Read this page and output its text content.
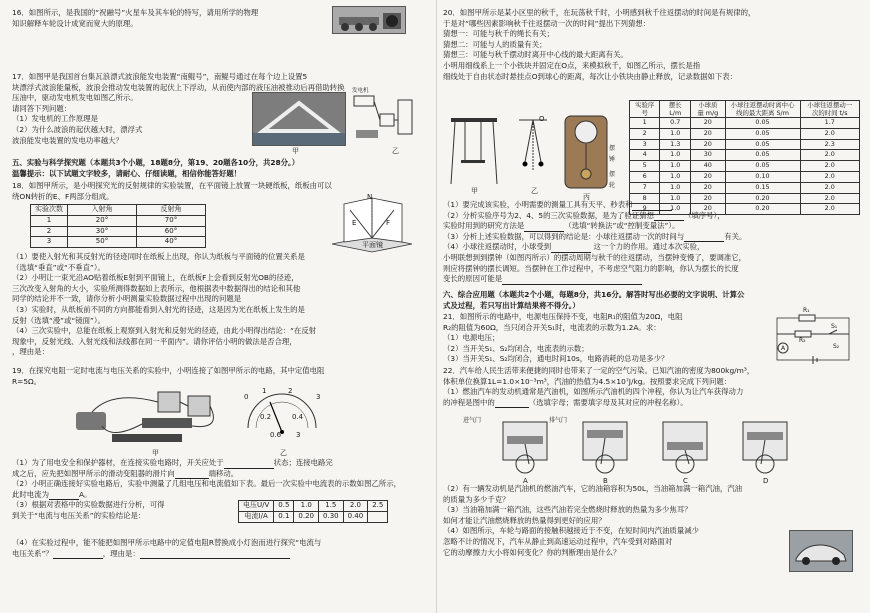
16．如图所示，是我国的“祝融号”火星车及其车轮的特写，请用所学的物理
知识解释车轮设计成宽而宽大的原理。
17．如图甲是我国首台集瓦浪漂式波浪能发电装置“南鲲号”，南鲲号通过在每个边上设置5
块漂浮式波浪能量板，波浪会推动发电装置的起伏上下浮动，从而使内部的液压油被推动后再借助转换
压油中，驱动发电机发电如图乙所示。
请同答下列问题：
（1）发电机的工作原理是
（2）为什么波浪的起伏越大时，漂浮式
波浪能发电装置的发电功率越大？
甲	乙
发电机
五、实验与科学探究题（本题共3个小题，18题8分，第19、20题各10分，共28分。）
温馨提示：以下试题文字较多，请耐心、仔细读题，相信你能答好题！
18．如图甲所示，是小明探究光的反射规律的实验装置，在平面镜上放置一块硬纸板，纸板由可以
绕ON转折的E、F两部分组成。
实验次数	入射角	反射角
1	20°	70°
2	30°	60°
3	50°	40°
N
E	F
平面镜
（1）要使入射光和其反射光的径迹同时在纸板上出现，你认为纸板与平面镜的位置关系是
（选填“垂直”或“不垂直”）。
（2）小明让一束光沿AO贴着纸板E射到平面镜上，在纸板F上会看到反射光OB的径迹，
三次改变入射角的大小，实验所测得数据如上表所示，他根据表中数据得出的结论和其他
同学的结论并不一致，请你分析小明测量实验数据过程中出现的问题是
（3）实验时，从纸板前不同的方向都能看到入射光的径迹，这是因为光在纸板上发生的是
反射（选填“漫”或“镜面”）。
（4）三次实验中，总能在纸板上观察到入射光和反射光的径迹，由此小明得出结论：“在反射
现象中，反射光线、入射光线和法线都在同一平面内”。请你评估小明的做法是否合理，
，理由是：
19．在探究电阻一定时电流与电压关系的实验中，小明连接了如图甲所示的电路，其中定值电阻
R=5Ω。
甲
0
1	2
3
0.2	0.4
0.6 3
乙
（1）为了用电安全和保护器材，在连接实验电路时，开关应处于	状态；连接电路完
成之后，应先把如图甲所示的滑动变阻器的滑片向	端移动。
（2）小明正确连接好实验电路后，实验中测量了几组电压和电流值如下表。最后一次实验中电流表的示数如图乙所示，
此时电流为	A。
（3）根据对表格中的实验数据进行分析，可得
到关于“电流与电压关系”的实验结论是：
电压U/V	0.5	1.0	1.5	2.0	2.5
电流I/A	0.1	0.20	0.30	0.40	
（4）在实验过程中，能不能把如图甲所示电路中的定值电阻R替换成小灯泡而进行探究“电流与
电压关系”？	，理由是：
20．如图甲所示是某小区里的秋千，在玩荡秋千时，小明感到秋千往返摆动的时间是有规律的，
于是对“哪些因素影响秋千往返摆动一次的时间”提出下列猜想：
猜想一：可能与秋千的绳长有关；
猜想二：可能与人的质量有关；
猜想三：可能与秋千摆动时离开中心线的最大距离有关。
小明用细线系上一个小铁块并固定在O点，来模拟秋千，如图乙所示，摆长是指
细线处于自由状态时悬挂点O到球心的距离，每次让小铁块由静止释放，记录数据如下表：
甲	乙
丙
O
摆锤
摆轮
实验序号	摆长 L/m	小球质量 m/g	小球往返摆动时离中心线的最大距离 S/m	小球往返摆动一次的时间 t/s
1	0.7	20	0.05	1.7
2	1.0	20	0.05	2.0
3	1.3	20	0.05	2.3
4	1.0	30	0.05	2.0
5	1.0	40	0.05	2.0
6	1.0	20	0.10	2.0
7	1.0	20	0.15	2.0
8	1.0	20	0.20	2.0
9	1.0	20	0.20	2.0
（1）要完成该实验，小明需要的测量工具有天平、秒表和
（2）分析实验序号为2、4、5的三次实验数据，是为了验证猜想	（填序号），
实验时用到的研究方法是	（选填“转换法”或“控制变量法”）。
（3）分析上述实验数据，可以得到的结论是：小球往返摆动一次的时间与	有关。
（4）小球往返摆动时，小球受到	这一个力的作用。通过本次实验，
小明联想到到摆钟（如图丙所示）的摆动周期与秋千的往返摆动，当摆钟变慢了，要调准它，
则应将摆钟的摆长调短。当摆钟在工作过程中，不考虑空气阻力的影响，你认为摆长的长度
变长的原因可能是
六、综合应用题（本题共2个小题，每题8分，共16分。解答时写出必要的文字说明、计算公
式及过程，若只写出计算结果将不得分。）
21．如图所示的电路中，电源电压保持不变，电阻R₁的阻值为20Ω，电阻
R₂的阻值为60Ω，当只闭合开关S₁时，电流表的示数为1.2A。求：
（1）电源电压；
（2）当开关S₁、S₂均闭合，电流表的示数；
（3）当开关S₁、S₂均闭合，通电时间10s，电路消耗的总功是多少？
R₁
R₂
S₁
S₂
A
22．汽车给人民生活带来便捷的同时也带来了一定的空气污染。已知汽油的密度为800kg/m³，
体积单位换算1L=1.0×10⁻³m³，汽油的热值为4.5×10⁷J/kg。按照要求完成下列问题：
（1）燃油汽车的发动机通常是汽油机，如图所示汽油机的四个冲程，你认为让汽车获得动力
的冲程是图中的	（选填字母；需要填字母及其对应的冲程名称）。
A	B	C	D
进气门	排气门
（2）有一辆发动机是汽油机的燃油汽车，它的油箱容积为50L，当油箱加满一箱汽油，汽油
的质量为多少千克？
（3）当油箱加满一箱汽油，这些汽油若完全燃烧时释放的热量为多少焦耳？
如何才能让汽油燃烧释放的热量得到更好的应用？
（4）如图所示，车轮与路面的接触积越接近于不变，在短时间内汽油质量减少
忽略不计的情况下，汽车从静止到高速运动过程中，汽车受到对路面对
它的动摩擦力大小将如何变化？你的判断理由是什么？
